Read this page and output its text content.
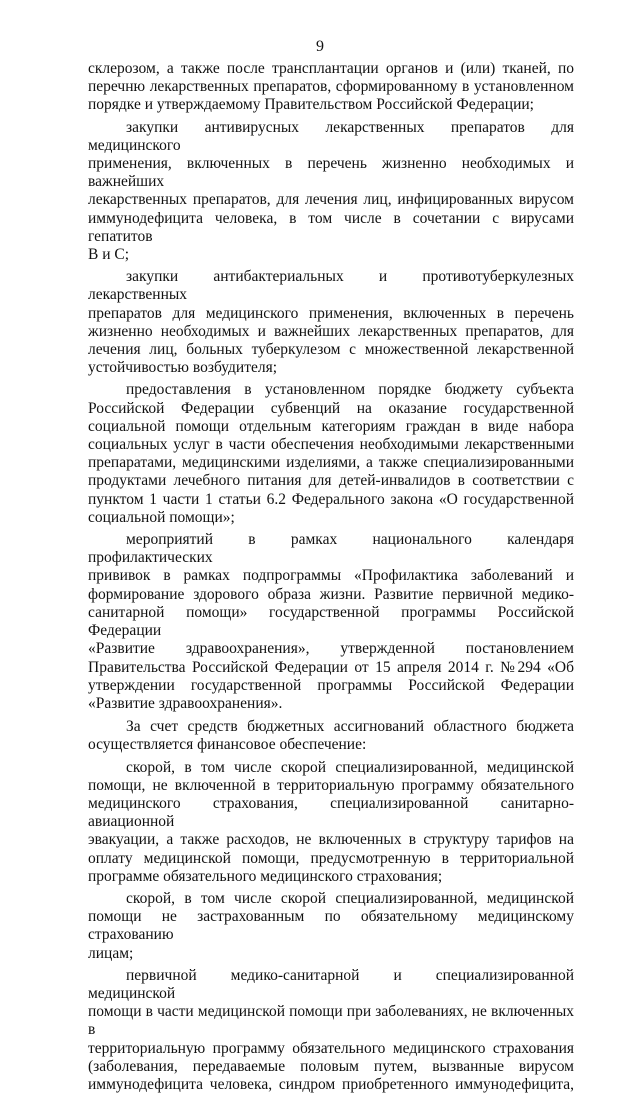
9
склерозом, а также после трансплантации органов и (или) тканей, по
перечню лекарственных препаратов, сформированному в установленном
порядке и утверждаемому Правительством Российской Федерации;
закупки антивирусных лекарственных препаратов для медицинского
применения, включенных в перечень жизненно необходимых и важнейших
лекарственных препаратов, для лечения лиц, инфицированных вирусом
иммунодефицита человека, в том числе в сочетании с вирусами гепатитов
В и С;
закупки антибактериальных и противотуберкулезных лекарственных
препаратов для медицинского применения, включенных в перечень
жизненно необходимых и важнейших лекарственных препаратов, для
лечения лиц, больных туберкулезом с множественной лекарственной
устойчивостью возбудителя;
предоставления в установленном порядке бюджету субъекта
Российской Федерации субвенций на оказание государственной
социальной помощи отдельным категориям граждан в виде набора
социальных услуг в части обеспечения необходимыми лекарственными
препаратами, медицинскими изделиями, а также специализированными
продуктами лечебного питания для детей-инвалидов в соответствии с
пунктом 1 части 1 статьи 6.2 Федерального закона «О государственной
социальной помощи»;
мероприятий в рамках национального календаря профилактических
прививок в рамках подпрограммы «Профилактика заболеваний и
формирование здорового образа жизни. Развитие первичной медико-
санитарной помощи» государственной программы Российской Федерации
«Развитие здравоохранения», утвержденной постановлением
Правительства Российской Федерации от 15 апреля 2014 г. №294 «Об
утверждении государственной программы Российской Федерации
«Развитие здравоохранения».
За счет средств бюджетных ассигнований областного бюджета
осуществляется финансовое обеспечение:
скорой, в том числе скорой специализированной, медицинской
помощи, не включенной в территориальную программу обязательного
медицинского страхования, специализированной санитарно-авиационной
эвакуации, а также расходов, не включенных в структуру тарифов на
оплату медицинской помощи, предусмотренную в территориальной
программе обязательного медицинского страхования;
скорой, в том числе скорой специализированной, медицинской
помощи не застрахованным по обязательному медицинскому страхованию
лицам;
первичной медико-санитарной и специализированной медицинской
помощи в части медицинской помощи при заболеваниях, не включенных в
территориальную программу обязательного медицинского страхования
(заболевания, передаваемые половым путем, вызванные вирусом
иммунодефицита человека, синдром приобретенного иммунодефицита,
